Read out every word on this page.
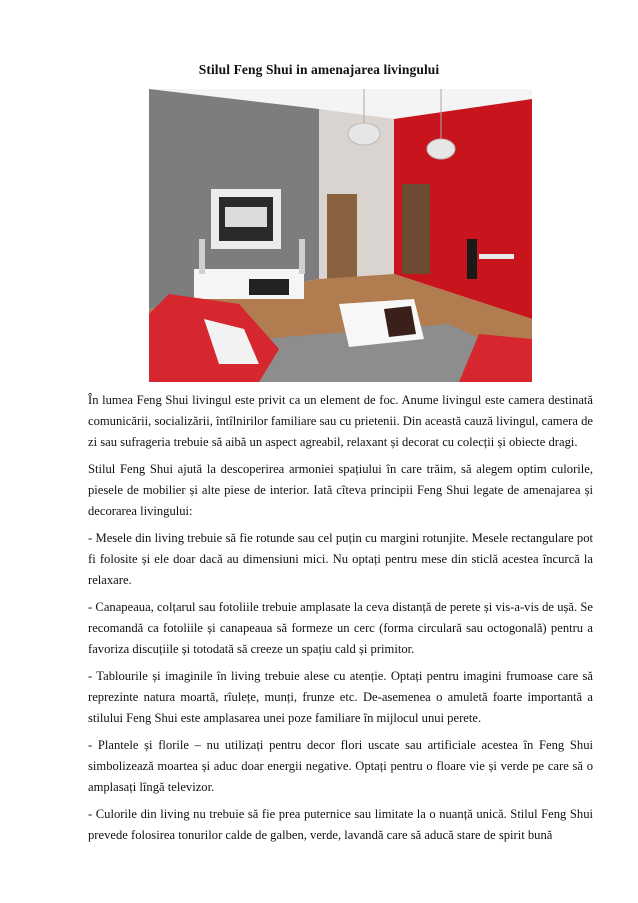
Stilul Feng Shui in amenajarea livingului

În lumea Feng Shui livingul este privit ca un element de foc. Anume livingul este camera destinată comunicării, socializării, întîlnirilor familiare sau cu prietenii. Din această cauză livingul, camera de zi sau sufrageria trebuie să aibă un aspect agreabil, relaxant și decorat cu colecții și obiecte dragi.

Stilul Feng Shui ajută la descoperirea armoniei spațiului în care trăim, să alegem optim culorile, piesele de mobilier și alte piese de interior. Iată cîteva principii Feng Shui legate de amenajarea și decorarea livingului:

- Mesele din living trebuie să fie rotunde sau cel puțin cu margini rotunjite. Mesele rectangulare pot fi folosite și ele doar dacă au dimensiuni mici. Nu optați pentru mese din sticlă acestea încurcă la relaxare.

- Canapeaua, colțarul sau fotoliile trebuie amplasate la ceva distanță de perete și vis-a-vis de ușă. Se recomandă ca fotoliile și canapeaua să formeze un cerc (forma circulară sau octogonală) pentru a favoriza discuțiile și totodată să creeze un spațiu cald și primitor.

- Tablourile și imaginile în living trebuie alese cu atenție. Optați pentru imagini frumoase care să reprezinte natura moartă, rîulețe, munți, frunze etc. De-asemenea o amuletă foarte importantă a stilului Feng Shui este amplasarea unei poze familiare în mijlocul unui perete.

- Plantele și florile – nu utilizați pentru decor flori uscate sau artificiale acestea în Feng Shui simbolizează moartea și aduc doar energii negative. Optați pentru o floare vie și verde pe care să o amplasați lîngă televizor.

- Culorile din living nu trebuie să fie prea puternice sau limitate la o nuanță unică. Stilul Feng Shui prevede folosirea tonurilor calde de galben, verde, lavandă care să aducă stare de spirit bună
